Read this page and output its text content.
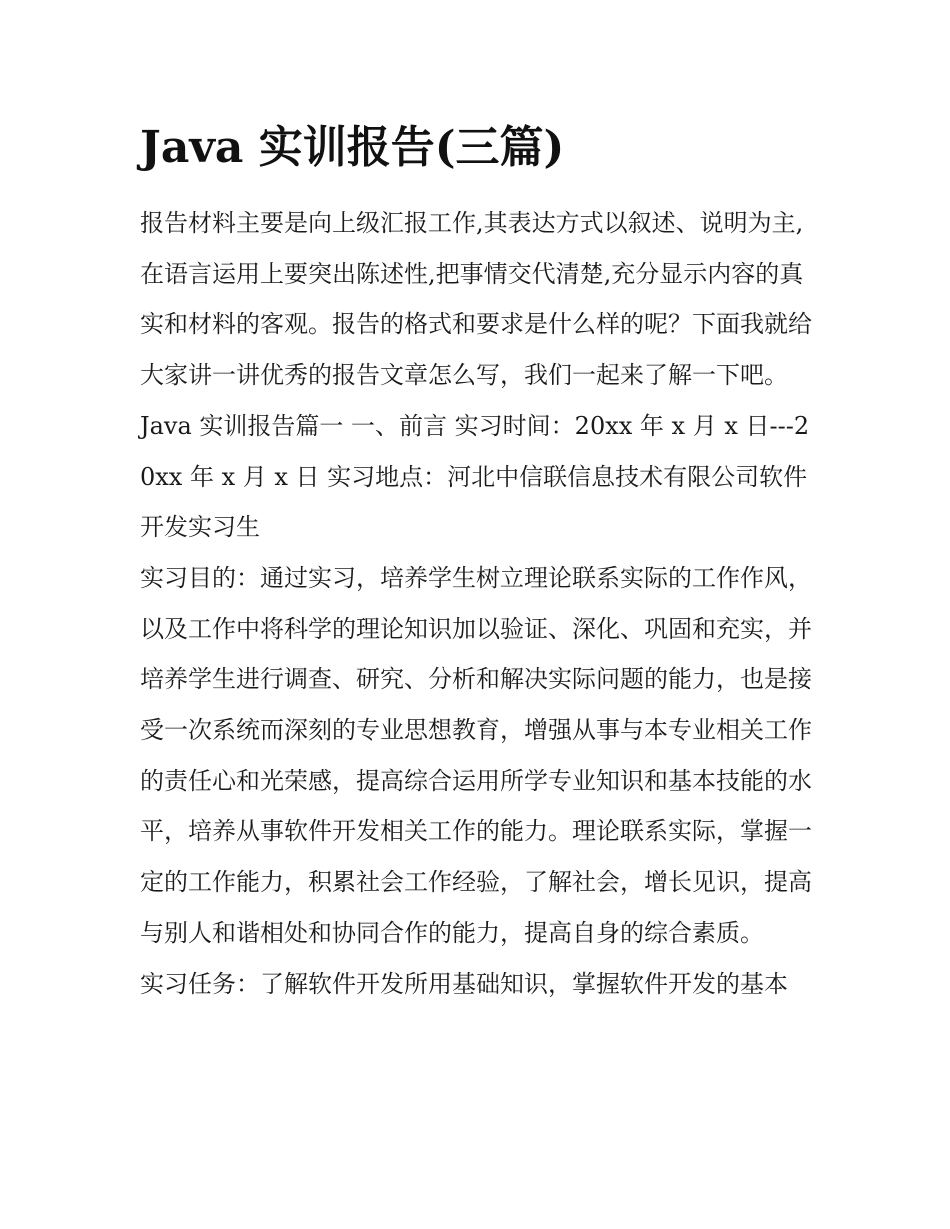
Java 实训报告(三篇)

报告材料主要是向上级汇报工作,其表达方式以叙述、说明为主,在语言运用上要突出陈述性,把事情交代清楚,充分显示内容的真实和材料的客观。报告的格式和要求是什么样的呢？下面我就给大家讲一讲优秀的报告文章怎么写，我们一起来了解一下吧。

Java 实训报告篇一 一、前言 实习时间：20xx 年 x 月 x 日---20xx 年 x 月 x 日 实习地点：河北中信联信息技术有限公司软件开发实习生

实习目的：通过实习，培养学生树立理论联系实际的工作作风，以及工作中将科学的理论知识加以验证、深化、巩固和充实，并培养学生进行调查、研究、分析和解决实际问题的能力，也是接受一次系统而深刻的专业思想教育，增强从事与本专业相关工作的责任心和光荣感，提高综合运用所学专业知识和基本技能的水平，培养从事软件开发相关工作的能力。理论联系实际，掌握一定的工作能力，积累社会工作经验，了解社会，增长见识，提高与别人和谐相处和协同合作的能力，提高自身的综合素质。

实习任务：了解软件开发所用基础知识，掌握软件开发的基本
